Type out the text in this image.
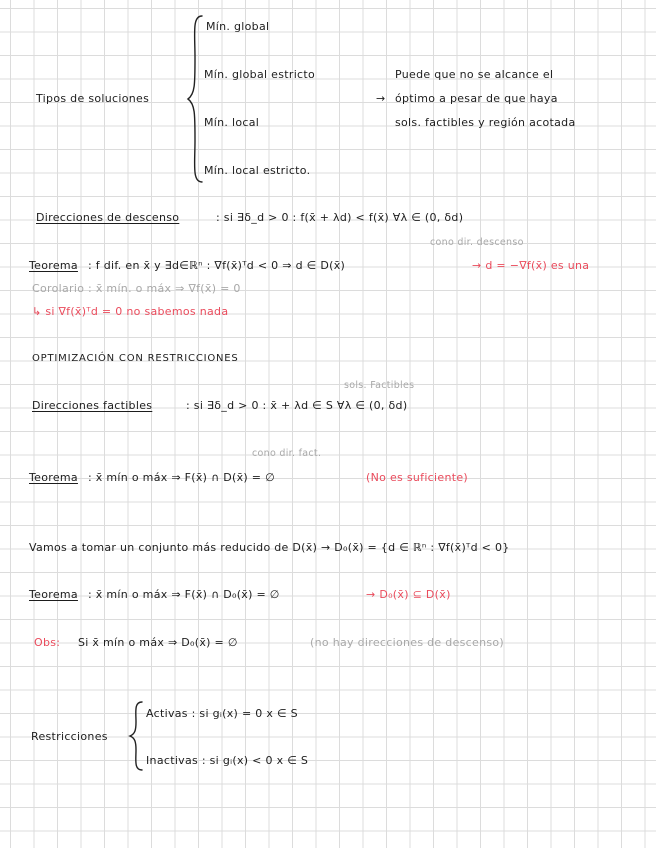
Tipos de soluciones
Mín. global
Mín. global estricto
Mín. local
Mín. local estricto.
Puede que no se alcance el
→ óptimo a pesar de que haya
sols. factibles y región acotada
Direcciones de descenso	: si ∃δ_d > 0 : f(x̄ + λd) < f(x̄) ∀λ ∈ (0, δd)
cono dir. descenso
Teorema : f dif. en x̄ y ∃d∈ℝⁿ : ∇f(x̄)ᵀd < 0 ⇒ d ∈ D(x̄)	→ d = −∇f(x̄) es una
Corolario : x̄ mín. o máx ⇒ ∇f(x̄) = 0
↳ si ∇f(x̄)ᵀd = 0 no sabemos nada
OPTIMIZACIÓN CON RESTRICCIONES
sols. Factibles
Direcciones factibles	: si ∃δ_d > 0 : x̄ + λd ∈ S ∀λ ∈ (0, δd)
cono dir. fact.
Teorema : x̄ mín o máx ⇒ F(x̄) ∩ D(x̄) = ∅	(No es suficiente)
Vamos a tomar un conjunto más reducido de D(x̄) → D₀(x̄) = {d ∈ ℝⁿ : ∇f(x̄)ᵀd < 0}
Teorema : x̄ mín o máx ⇒ F(x̄) ∩ D₀(x̄) = ∅	→ D₀(x̄) ⊆ D(x̄)
Obs: Si x̄ mín o máx ⇒ D₀(x̄) = ∅	(no hay direcciones de descenso)
Restricciones
Activas : si gᵢ(x) = 0 x ∈ S
Inactivas : si gᵢ(x) < 0 x ∈ S
